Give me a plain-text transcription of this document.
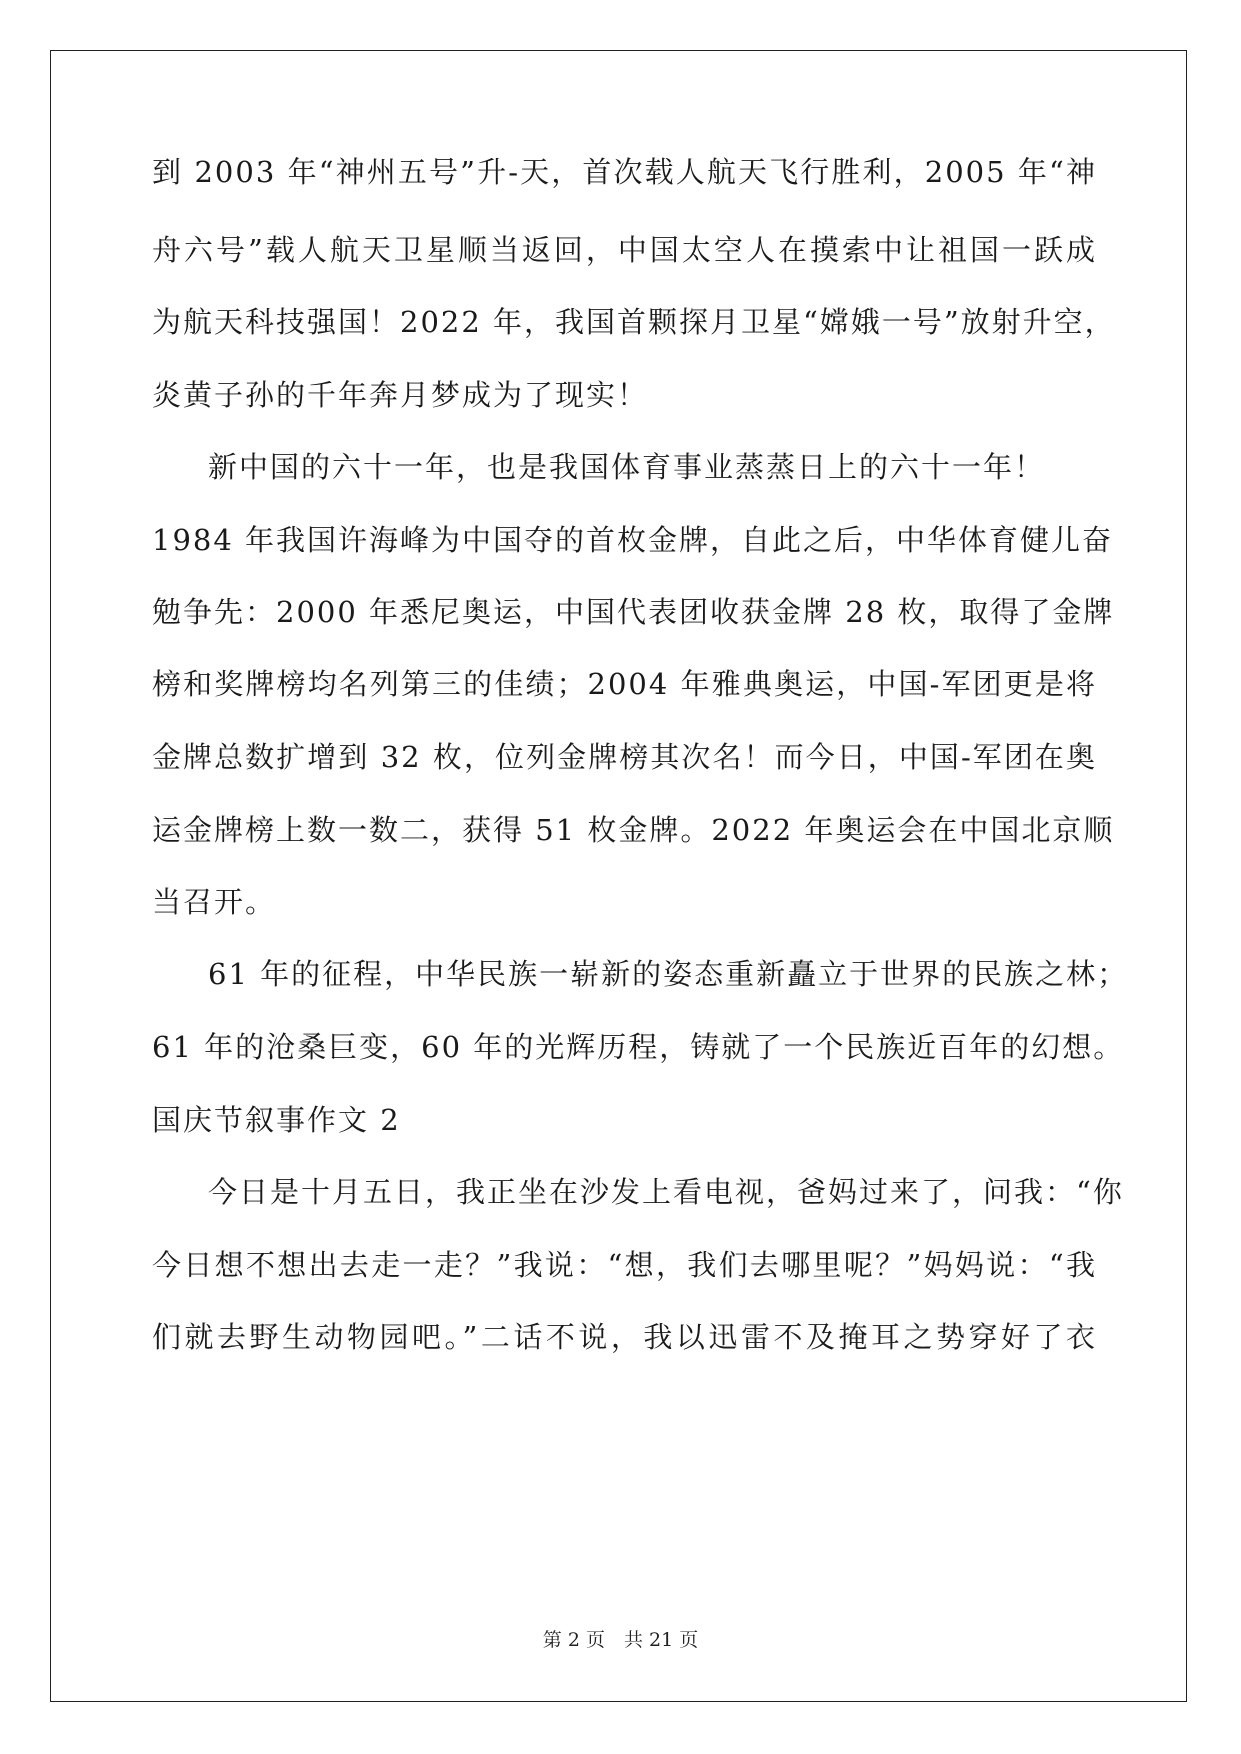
到 2003 年“神州五号”升-天，首次载人航天飞行胜利，2005 年“神
舟六号”载人航天卫星顺当返回，中国太空人在摸索中让祖国一跃成
为航天科技强国！2022 年，我国首颗探月卫星“嫦娥一号”放射升空，
炎黄子孙的千年奔月梦成为了现实！
新中国的六十一年，也是我国体育事业蒸蒸日上的六十一年！
1984 年我国许海峰为中国夺的首枚金牌，自此之后，中华体育健儿奋
勉争先：2000 年悉尼奥运，中国代表团收获金牌 28 枚，取得了金牌
榜和奖牌榜均名列第三的佳绩；2004 年雅典奥运，中国-军团更是将
金牌总数扩增到 32 枚，位列金牌榜其次名！而今日，中国-军团在奥
运金牌榜上数一数二，获得 51 枚金牌。2022 年奥运会在中国北京顺
当召开。
61 年的征程，中华民族一崭新的姿态重新矗立于世界的民族之林；
61 年的沧桑巨变，60 年的光辉历程，铸就了一个民族近百年的幻想。
国庆节叙事作文 2
今日是十月五日，我正坐在沙发上看电视，爸妈过来了，问我：“你
今日想不想出去走一走？”我说：“想，我们去哪里呢？”妈妈说：“我
们就去野生动物园吧。”二话不说，我以迅雷不及掩耳之势穿好了衣
第 2 页　共 21 页
